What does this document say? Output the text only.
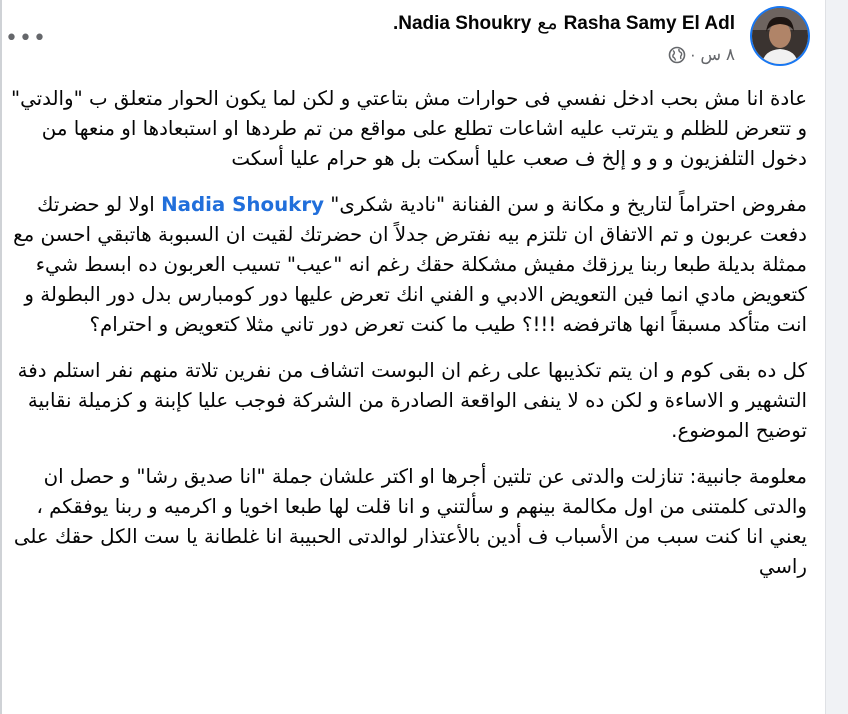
•••
Rasha Samy El AdlمعNadia Shoukry.
٨ س ·

عادة انا مش بحب ادخل نفسي فى حوارات مش بتاعتي و لكن لما يكون الحوار متعلق ب "والدتي" و تتعرض للظلم و يترتب عليه اشاعات تطلع على مواقع من تم طردها او استبعادها او منعها من دخول التلفزيون و و و إلخ ف صعب عليا أسكت بل هو حرام عليا أسكت

مفروض احتراماً لتاريخ و مكانة و سن الفنانة "نادية شكرى" Nadia Shoukry اولا لو حضرتك دفعت عربون و تم الاتفاق ان تلتزم بيه نفترض جدلاً ان حضرتك لقيت ان السبوبة هاتبقي احسن مع ممثلة بديلة طبعا ربنا يرزقك مفيش مشكلة حقك رغم انه "عيب" تسيب العربون ده ابسط شيء كتعويض مادي انما فين التعويض الادبي و الفني انك تعرض عليها دور كومبارس بدل دور البطولة و انت متأكد مسبقاً انها هاترفضه !!!؟ طيب ما كنت تعرض دور تاني مثلا كتعويض و احترام؟

كل ده بقى كوم و ان يتم تكذيبها على رغم ان البوست اتشاف من نفرين تلاتة منهم نفر استلم دفة التشهير و الاساءة و لكن ده لا ينفى الواقعة الصادرة من الشركة فوجب عليا كإبنة و كزميلة نقابية توضيح الموضوع.

معلومة جانبية: تنازلت والدتى عن تلتين أجرها او اكتر علشان جملة "انا صديق رشا" و حصل ان والدتى كلمتنى من اول مكالمة بينهم و سألتني و انا قلت لها طبعا اخويا و اكرميه و ربنا يوفقكم ، يعني انا كنت سبب من الأسباب ف أدين بالأعتذار لوالدتى الحبيبة انا غلطانة يا ست الكل حقك على راسي
